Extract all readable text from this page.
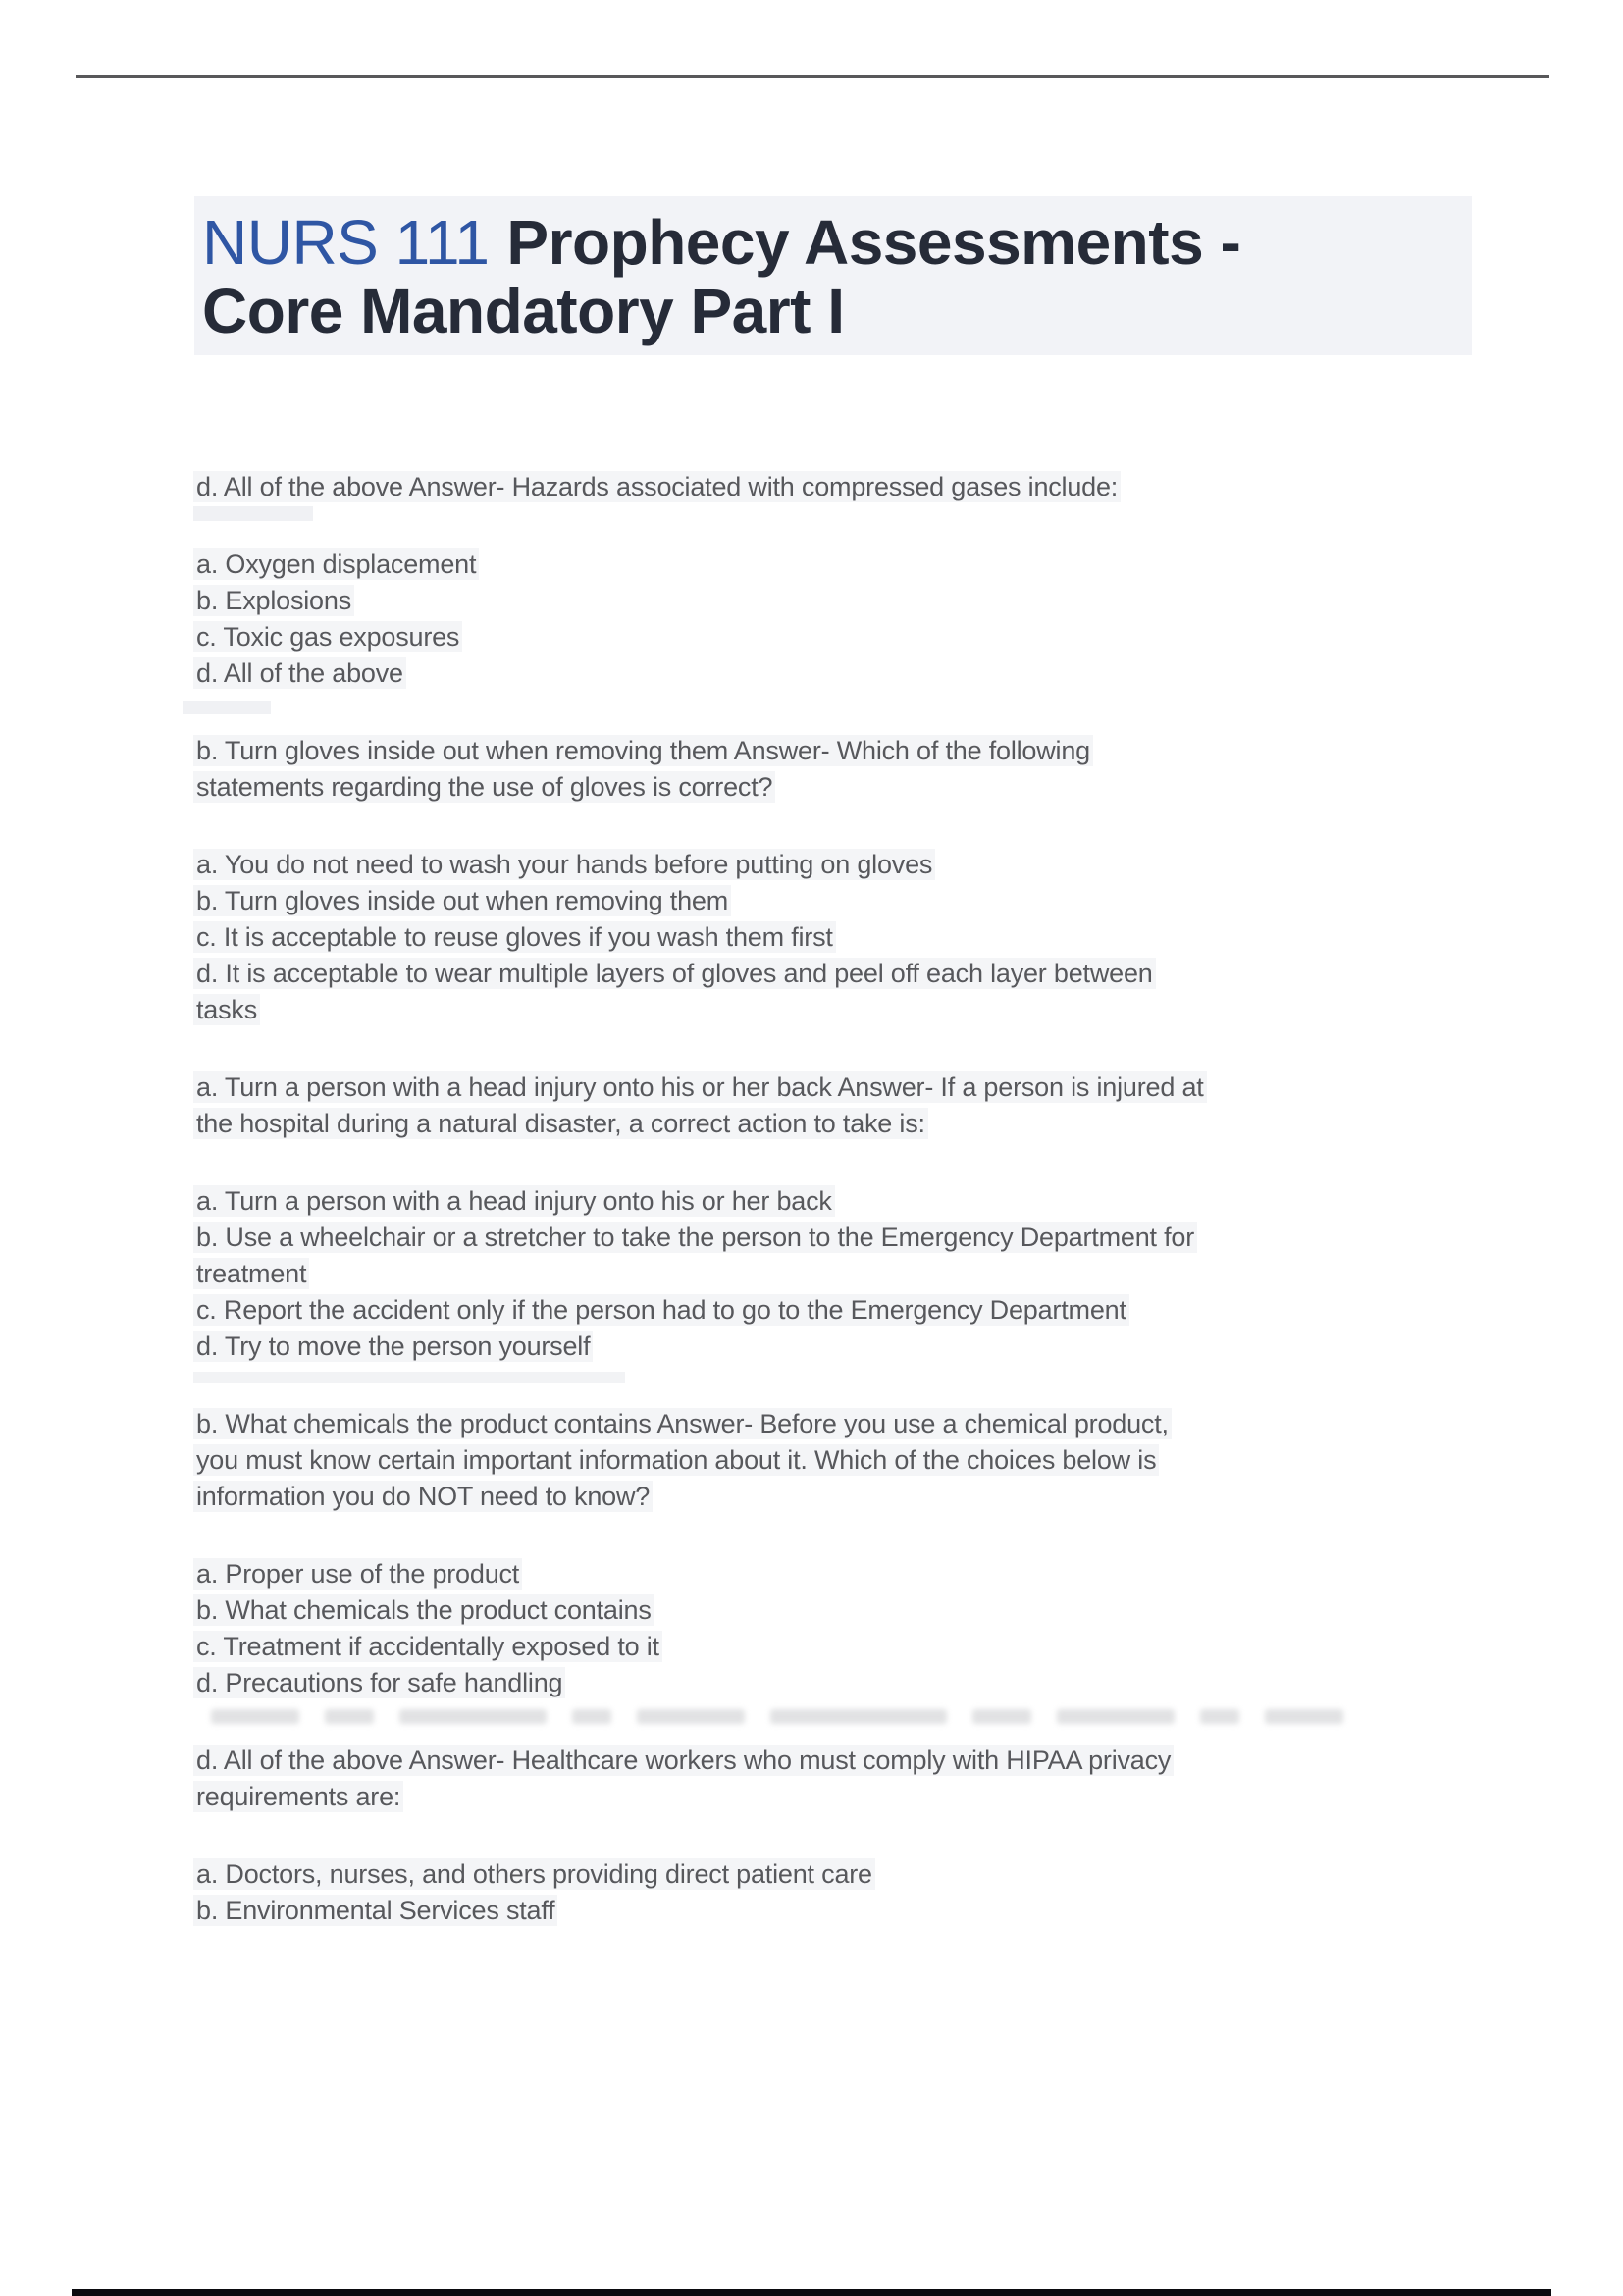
NURS 111 Prophecy Assessments -
Core Mandatory Part I
d. All of the above Answer- Hazards associated with compressed gases include:
a. Oxygen displacement
b. Explosions
c. Toxic gas exposures
d. All of the above
b. Turn gloves inside out when removing them Answer- Which of the following
statements regarding the use of gloves is correct?
a. You do not need to wash your hands before putting on gloves
b. Turn gloves inside out when removing them
c. It is acceptable to reuse gloves if you wash them first
d. It is acceptable to wear multiple layers of gloves and peel off each layer between
tasks
a. Turn a person with a head injury onto his or her back Answer- If a person is injured at
the hospital during a natural disaster, a correct action to take is:
a. Turn a person with a head injury onto his or her back
b. Use a wheelchair or a stretcher to take the person to the Emergency Department for
treatment
c. Report the accident only if the person had to go to the Emergency Department
d. Try to move the person yourself
b. What chemicals the product contains Answer- Before you use a chemical product,
you must know certain important information about it. Which of the choices below is
information you do NOT need to know?
a. Proper use of the product
b. What chemicals the product contains
c. Treatment if accidentally exposed to it
d. Precautions for safe handling
d. All of the above Answer- Healthcare workers who must comply with HIPAA privacy
requirements are:
a. Doctors, nurses, and others providing direct patient care
b. Environmental Services staff
